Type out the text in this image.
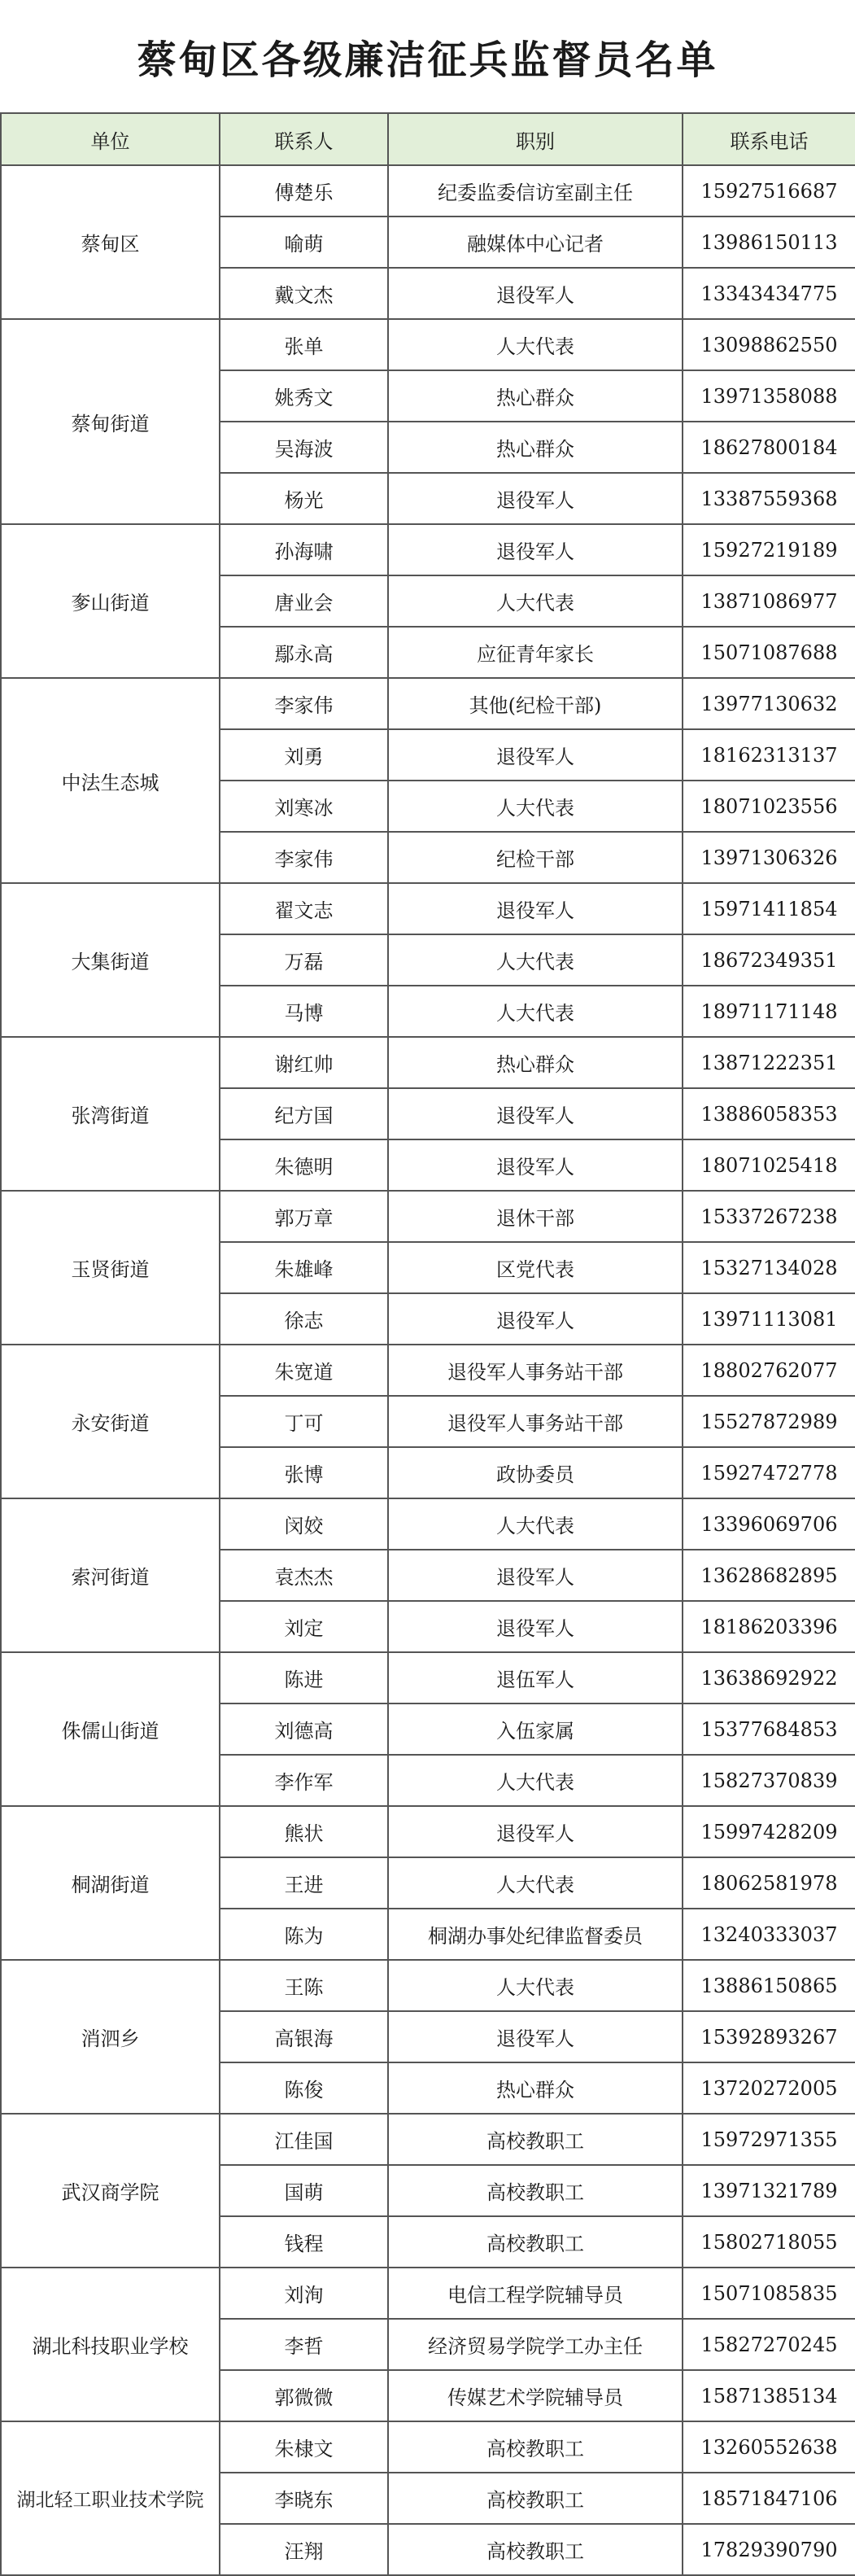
蔡甸区各级廉洁征兵监督员名单
单位	联系人	职别	联系电话
蔡甸区	傅楚乐	纪委监委信访室副主任	15927516687
	喻萌	融媒体中心记者	13986150113
	戴文杰	退役军人	13343434775
蔡甸街道	张单	人大代表	13098862550
	姚秀文	热心群众	13971358088
	吴海波	热心群众	18627800184
	杨光	退役军人	13387559368
奓山街道	孙海啸	退役军人	15927219189
	唐业会	人大代表	13871086977
	鄢永高	应征青年家长	15071087688
中法生态城	李家伟	其他(纪检干部)	13977130632
	刘勇	退役军人	18162313137
	刘寒冰	人大代表	18071023556
	李家伟	纪检干部	13971306326
大集街道	翟文志	退役军人	15971411854
	万磊	人大代表	18672349351
	马博	人大代表	18971171148
张湾街道	谢红帅	热心群众	13871222351
	纪方国	退役军人	13886058353
	朱德明	退役军人	18071025418
玉贤街道	郭万章	退休干部	15337267238
	朱雄峰	区党代表	15327134028
	徐志	退役军人	13971113081
永安街道	朱宽道	退役军人事务站干部	18802762077
	丁可	退役军人事务站干部	15527872989
	张博	政协委员	15927472778
索河街道	闵姣	人大代表	13396069706
	袁杰杰	退役军人	13628682895
	刘定	退役军人	18186203396
侏儒山街道	陈进	退伍军人	13638692922
	刘德高	入伍家属	15377684853
	李作军	人大代表	15827370839
桐湖街道	熊状	退役军人	15997428209
	王进	人大代表	18062581978
	陈为	桐湖办事处纪律监督委员	13240333037
消泗乡	王陈	人大代表	13886150865
	高银海	退役军人	15392893267
	陈俊	热心群众	13720272005
武汉商学院	江佳国	高校教职工	15972971355
	国萌	高校教职工	13971321789
	钱程	高校教职工	15802718055
湖北科技职业学校	刘洵	电信工程学院辅导员	15071085835
	李哲	经济贸易学院学工办主任	15827270245
	郭微微	传媒艺术学院辅导员	15871385134
湖北轻工职业技术学院	朱棣文	高校教职工	13260552638
	李晓东	高校教职工	18571847106
	汪翔	高校教职工	17829390790
